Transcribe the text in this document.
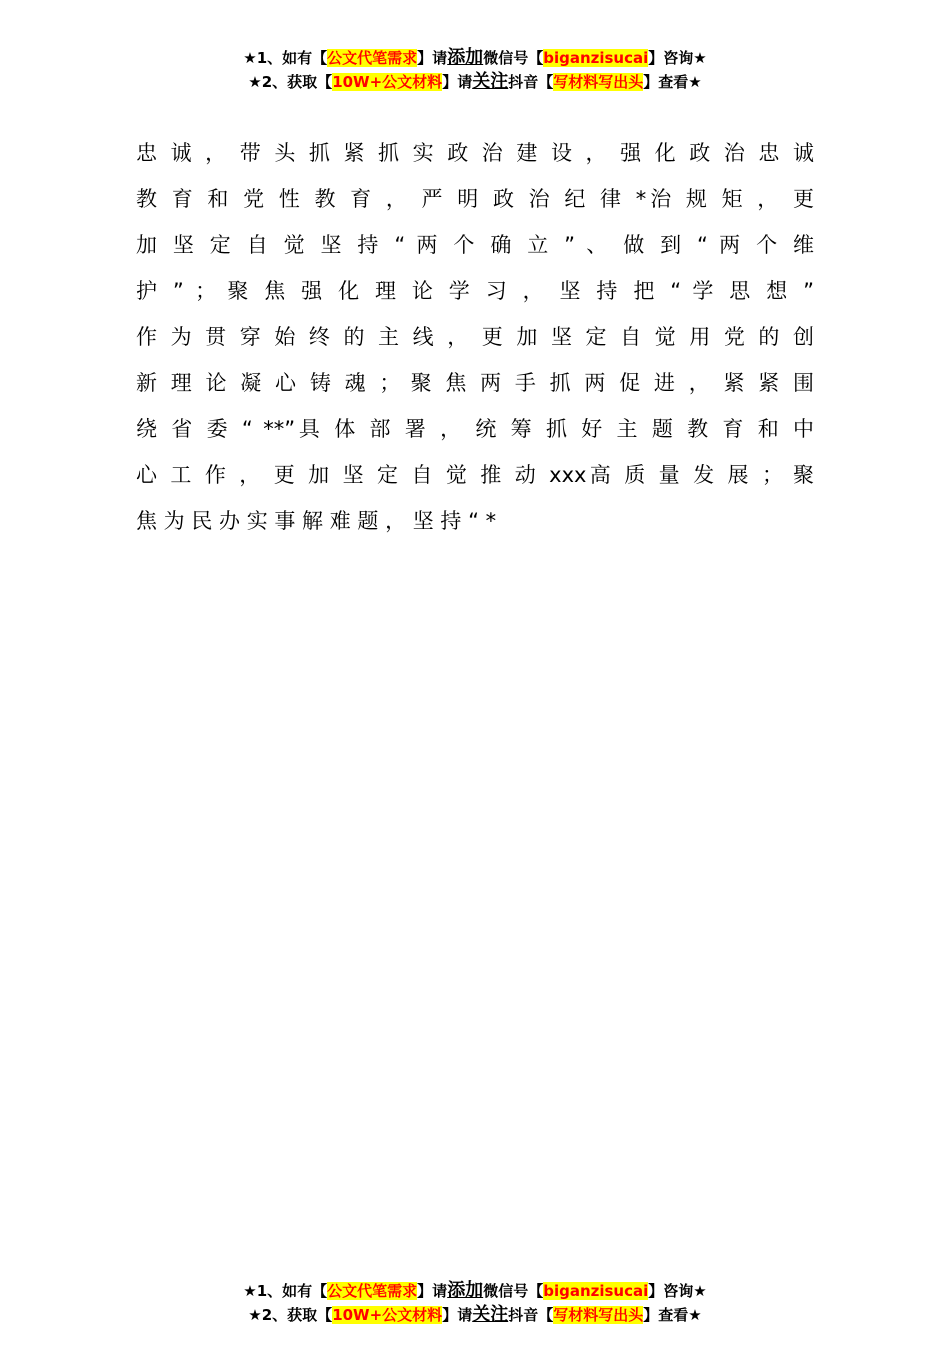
★1、如有【公文代笔需求】请添加微信号【biganzisucai】咨询★
★2、获取【10W+公文材料】请关注抖音【写材料写出头】查看★
忠 诚 ， 带 头 抓 紧 抓 实 政 治 建 设 ， 强 化 政 治 忠 诚
教 育 和 党 性 教 育 ， 严 明 政 治 纪 律 *治 规 矩 ， 更
加 坚 定 自 觉 坚 持 “ 两 个 确 立 ” 、 做 到 “ 两 个 维
护 ” ； 聚 焦 强 化 理 论 学 习 ， 坚 持 把 “ 学 思 想 ”
作 为 贯 穿 始 终 的 主 线 ， 更 加 坚 定 自 觉 用 党 的 创
新 理 论 凝 心 铸 魂 ； 聚 焦 两 手 抓 两 促 进 ， 紧 紧 围
绕 省 委 “ **”具 体 部 署 ， 统 筹 抓 好 主 题 教 育 和 中
心 工 作 ， 更 加 坚 定 自 觉 推 动 xxx高 质 量 发 展 ； 聚
焦 为 民 办 实 事 解 难 题 ， 坚 持 “ *
★1、如有【公文代笔需求】请添加微信号【biganzisucai】咨询★
★2、获取【10W+公文材料】请关注抖音【写材料写出头】查看★
